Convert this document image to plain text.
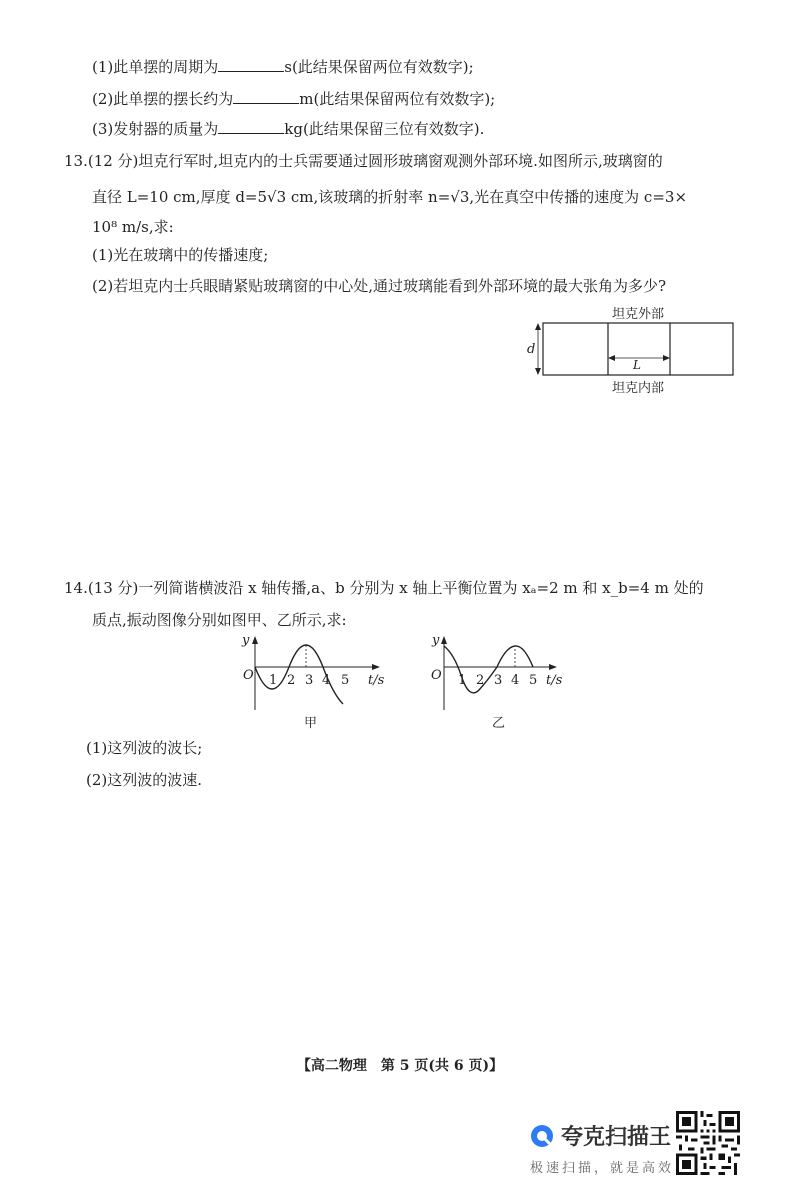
(1)此单摆的周期为	s(此结果保留两位有效数字);
(2)此单摆的摆长约为	m(此结果保留两位有效数字);
(3)发射器的质量为	kg(此结果保留三位有效数字).
13.(12 分)坦克行军时,坦克内的士兵需要通过圆形玻璃窗观测外部环境.如图所示,玻璃窗的
直径 L=10 cm,厚度 d=5√3 cm,该玻璃的折射率 n=√3,光在真空中传播的速度为 c=3×
10⁸ m/s,求:
(1)光在玻璃中的传播速度;
(2)若坦克内士兵眼睛紧贴玻璃窗的中心处,通过玻璃能看到外部环境的最大张角为多少?
坦克外部
坦克内部
d
L
14.(13 分)一列简谐横波沿 x 轴传播,a、b 分别为 x 轴上平衡位置为 xₐ=2 m 和 x_b=4 m 处的
质点,振动图像分别如图甲、乙所示,求:
y
O 1 2 3 4 5 t/s
甲
y
O 1 2 3 4 5 t/s
乙
(1)这列波的波长;
(2)这列波的波速.
【高二物理　第 5 页(共 6 页)】
夸克扫描王
极速扫描，就是高效
